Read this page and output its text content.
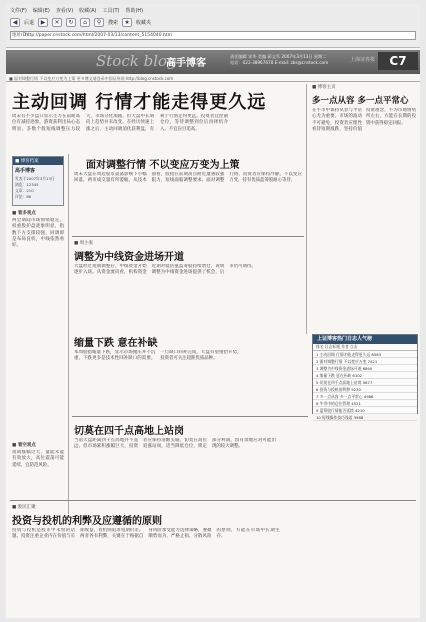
文件(F) 编辑(E) 查看(V) 收藏(A) 工具(T) 帮助(H)
◀	后退	▶	✕	↻	⌂	⚲	搜索	★	收藏夹
地址(D)
http://paper.cnstock.com/html/2007-03/13/content_5154040.htm
Stock blog
高手博客
责任编辑 宋华 美编 蒋文军 2007年3月13日 星期二
电话：021-38967678 E-mail: zbs@cnstock.com	上海证券报	C7
■ 面对调整行情 不以变应万变为上策 更多博文请登录中国证券网 http://blog.cnstock.com
主动回调 行情才能走得更久远
周末有不少盘口显示主力在前期高位有减持迹象，游资获利出局心态明显，多数个股短线调整压力较大，市场分化加剧，但大盘中长期向上趋势并未改变。在经历快速上涨之后，主动回调消化获利盘，有利于行情走得更远。投资者宜控制仓位，等待调整到位后再择机介入，不宜盲目追高。
■ 博客主页
多一点从容 多一点平常心
在牛市中保持从容与平常心尤为重要。市场的波动不可避免，投资者应理性看待短期涨跌，坚持价值投资理念，不为市场情绪所左右，方能在长期的投资中获得稳定回报。
■ 博客档案
高手博客
发表于2007年3月13日
浏览：12345
文章：210
评论：86
■ 看多观点
两会期间市场情绪稳定，权重股护盘迹象明显，指数下方支撑较强，回调即是布局良机，中线依然看好。
■ 看空观点
短期涨幅过大，量能未能有效放大，高位震荡可能延续，宜防范风险。
面对调整行情 不以变应万变为上策
周末大盘在周边股市震荡影响下小幅回落，两市成交量有所萎缩。从技术面看，股指在前期高点附近遭遇较强阻力，短线面临调整要求。面对调整行情，投资者应保持冷静，不以变应万变，持有优质蓝筹股耐心等待。
■ 周小张
调整为中线资金进场开道
大盘经过短期调整后，中线资金开始逐步入场。从资金流向看，机构资金近期对低估值蓝筹股持续增仓，说明调整为中线资金进场提供了机会，后市仍可期待。
缩量下跌 意在补缺
本周股指缩量下跌，显示市场抛压并不沉重，下跌更多是技术性回补缺口的需要。一旦缺口回补完成，大盘有望重拾升势，投资者可关注超跌优质品种。
上证博客热门日志人气榜
排名 日志标题 作者 点击
1 主动回调 行情才能走得更久远 8563
2 面对调整行情 不以变应万变 7421
3 调整为中线资金进场开道 6890
4 缩量下跌 意在补缺 6102
5 切莫在四千点高地上站岗 5877
6 投资与投机的利弊 5230
7 多一点从容 多一点平常心 4986
8 牛市中的仓位管理 4521
9 蓝筹股行情能否延续 4210
10 短线操作技巧浅谈 3988
切莫在四千点高地上站岗
当前大盘距离四千点高地并不遥远，但市场累积涨幅巨大，投资者应保持清醒头脑，切莫在高位追涨站岗，适当降低仓位，锁定部分利润，留有余地应对可能出现的较大调整。
■ 股民汇聚
投资与投机的利弊及应遵循的原则
投资与投机是股市中永恒的话题。投资注重企业内在价值与长期收益，投机则追求短期价差。两者各有利弊，关键在于根据自身风险承受能力选择策略，遵循顺势而为、严格止损、分散风险的原则，方能在市场中长期生存。
